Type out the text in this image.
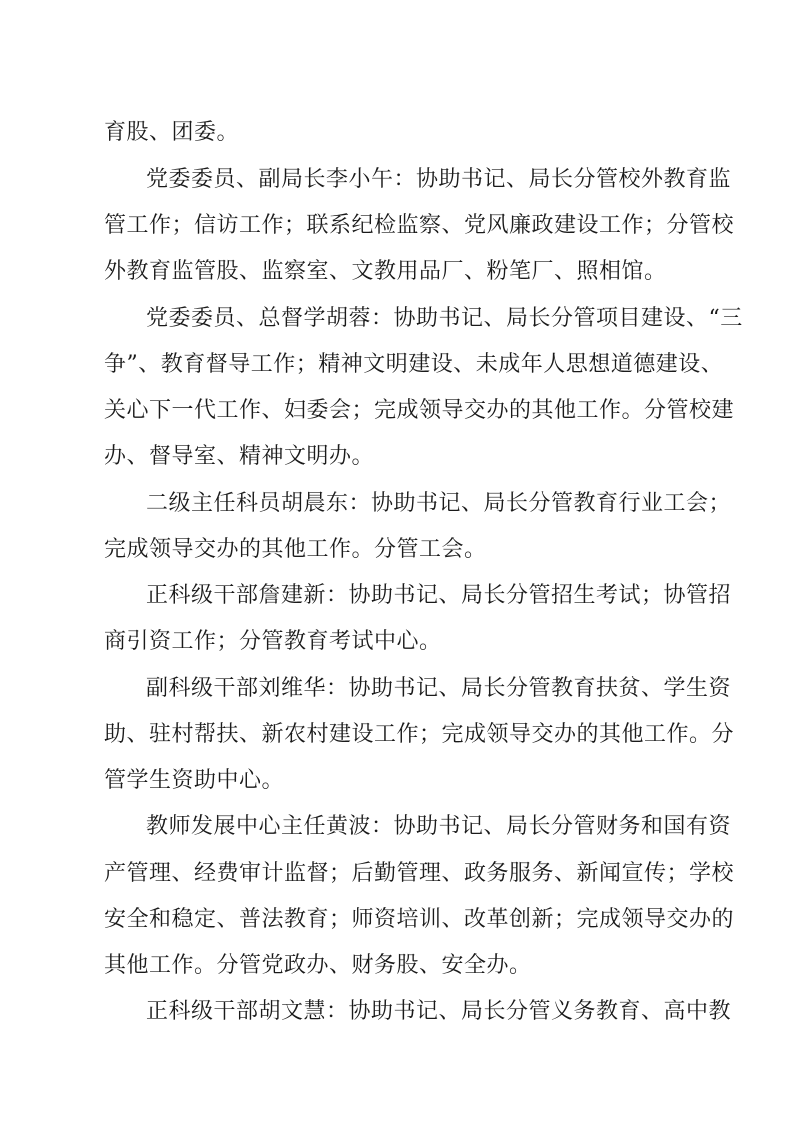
育股、团委。
党委委员、副局长李小午：协助书记、局长分管校外教育监
管工作；信访工作；联系纪检监察、党风廉政建设工作；分管校
外教育监管股、监察室、文教用品厂、粉笔厂、照相馆。
党委委员、总督学胡蓉：协助书记、局长分管项目建设、“三
争”、教育督导工作；精神文明建设、未成年人思想道德建设、
关心下一代工作、妇委会；完成领导交办的其他工作。分管校建
办、督导室、精神文明办。
二级主任科员胡晨东：协助书记、局长分管教育行业工会；
完成领导交办的其他工作。分管工会。
正科级干部詹建新：协助书记、局长分管招生考试；协管招
商引资工作；分管教育考试中心。
副科级干部刘维华：协助书记、局长分管教育扶贫、学生资
助、驻村帮扶、新农村建设工作；完成领导交办的其他工作。分
管学生资助中心。
教师发展中心主任黄波：协助书记、局长分管财务和国有资
产管理、经费审计监督；后勤管理、政务服务、新闻宣传；学校
安全和稳定、普法教育；师资培训、改革创新；完成领导交办的
其他工作。分管党政办、财务股、安全办。
正科级干部胡文慧：协助书记、局长分管义务教育、高中教
